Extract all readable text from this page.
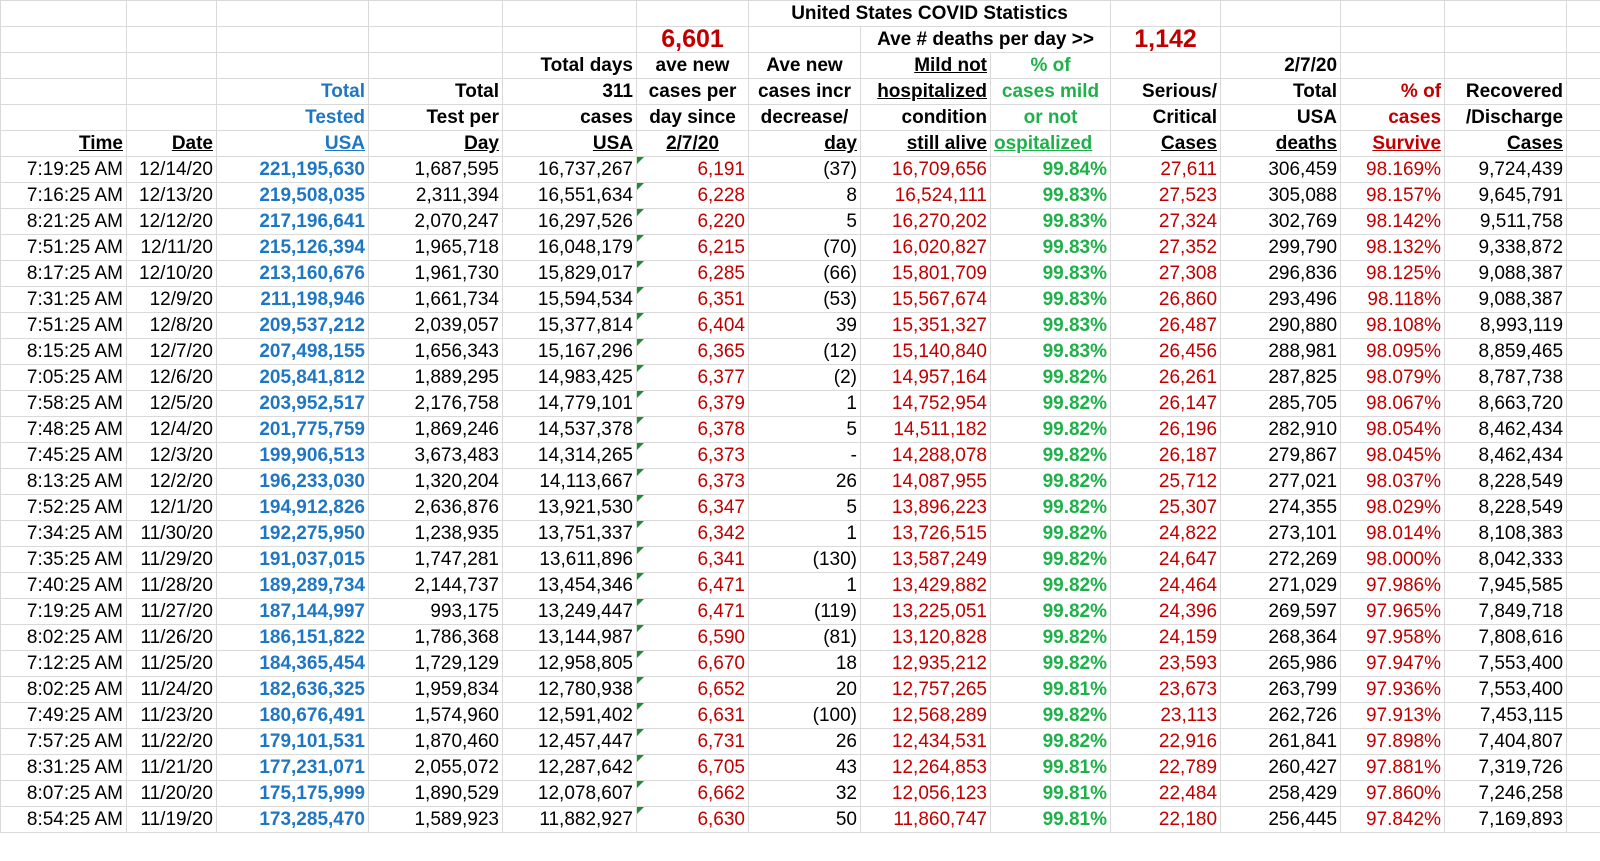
						United States COVID Statistics							
					6,601		Ave # deaths per day >>		1,142				
				Total days	ave new	Ave new	Mild not	% of		2/7/20			
		Total	Total	311	cases per	cases incr	hospitalized	cases mild	Serious/	Total	% of	Recovered	
		Tested	Test per	cases	day since	decrease/	condition	or not	Critical	USA	cases	/Discharge	
Time	Date	USA	Day	USA	2/7/20	day	still alive	ospitalized	Cases	deaths	Survive	Cases	
7:19:25 AM	12/14/20	221,195,630	1,687,595	16,737,267	6,191	(37)	16,709,656	99.84%	27,611	306,459	98.169%	9,724,439	
7:16:25 AM	12/13/20	219,508,035	2,311,394	16,551,634	6,228	8	16,524,111	99.83%	27,523	305,088	98.157%	9,645,791	
8:21:25 AM	12/12/20	217,196,641	2,070,247	16,297,526	6,220	5	16,270,202	99.83%	27,324	302,769	98.142%	9,511,758	
7:51:25 AM	12/11/20	215,126,394	1,965,718	16,048,179	6,215	(70)	16,020,827	99.83%	27,352	299,790	98.132%	9,338,872	
8:17:25 AM	12/10/20	213,160,676	1,961,730	15,829,017	6,285	(66)	15,801,709	99.83%	27,308	296,836	98.125%	9,088,387	
7:31:25 AM	12/9/20	211,198,946	1,661,734	15,594,534	6,351	(53)	15,567,674	99.83%	26,860	293,496	98.118%	9,088,387	
7:51:25 AM	12/8/20	209,537,212	2,039,057	15,377,814	6,404	39	15,351,327	99.83%	26,487	290,880	98.108%	8,993,119	
8:15:25 AM	12/7/20	207,498,155	1,656,343	15,167,296	6,365	(12)	15,140,840	99.83%	26,456	288,981	98.095%	8,859,465	
7:05:25 AM	12/6/20	205,841,812	1,889,295	14,983,425	6,377	(2)	14,957,164	99.82%	26,261	287,825	98.079%	8,787,738	
7:58:25 AM	12/5/20	203,952,517	2,176,758	14,779,101	6,379	1	14,752,954	99.82%	26,147	285,705	98.067%	8,663,720	
7:48:25 AM	12/4/20	201,775,759	1,869,246	14,537,378	6,378	5	14,511,182	99.82%	26,196	282,910	98.054%	8,462,434	
7:45:25 AM	12/3/20	199,906,513	3,673,483	14,314,265	6,373	-	14,288,078	99.82%	26,187	279,867	98.045%	8,462,434	
8:13:25 AM	12/2/20	196,233,030	1,320,204	14,113,667	6,373	26	14,087,955	99.82%	25,712	277,021	98.037%	8,228,549	
7:52:25 AM	12/1/20	194,912,826	2,636,876	13,921,530	6,347	5	13,896,223	99.82%	25,307	274,355	98.029%	8,228,549	
7:34:25 AM	11/30/20	192,275,950	1,238,935	13,751,337	6,342	1	13,726,515	99.82%	24,822	273,101	98.014%	8,108,383	
7:35:25 AM	11/29/20	191,037,015	1,747,281	13,611,896	6,341	(130)	13,587,249	99.82%	24,647	272,269	98.000%	8,042,333	
7:40:25 AM	11/28/20	189,289,734	2,144,737	13,454,346	6,471	1	13,429,882	99.82%	24,464	271,029	97.986%	7,945,585	
7:19:25 AM	11/27/20	187,144,997	993,175	13,249,447	6,471	(119)	13,225,051	99.82%	24,396	269,597	97.965%	7,849,718	
8:02:25 AM	11/26/20	186,151,822	1,786,368	13,144,987	6,590	(81)	13,120,828	99.82%	24,159	268,364	97.958%	7,808,616	
7:12:25 AM	11/25/20	184,365,454	1,729,129	12,958,805	6,670	18	12,935,212	99.82%	23,593	265,986	97.947%	7,553,400	
8:02:25 AM	11/24/20	182,636,325	1,959,834	12,780,938	6,652	20	12,757,265	99.81%	23,673	263,799	97.936%	7,553,400	
7:49:25 AM	11/23/20	180,676,491	1,574,960	12,591,402	6,631	(100)	12,568,289	99.82%	23,113	262,726	97.913%	7,453,115	
7:57:25 AM	11/22/20	179,101,531	1,870,460	12,457,447	6,731	26	12,434,531	99.82%	22,916	261,841	97.898%	7,404,807	
8:31:25 AM	11/21/20	177,231,071	2,055,072	12,287,642	6,705	43	12,264,853	99.81%	22,789	260,427	97.881%	7,319,726	
8:07:25 AM	11/20/20	175,175,999	1,890,529	12,078,607	6,662	32	12,056,123	99.81%	22,484	258,429	97.860%	7,246,258	
8:54:25 AM	11/19/20	173,285,470	1,589,923	11,882,927	6,630	50	11,860,747	99.81%	22,180	256,445	97.842%	7,169,893	
